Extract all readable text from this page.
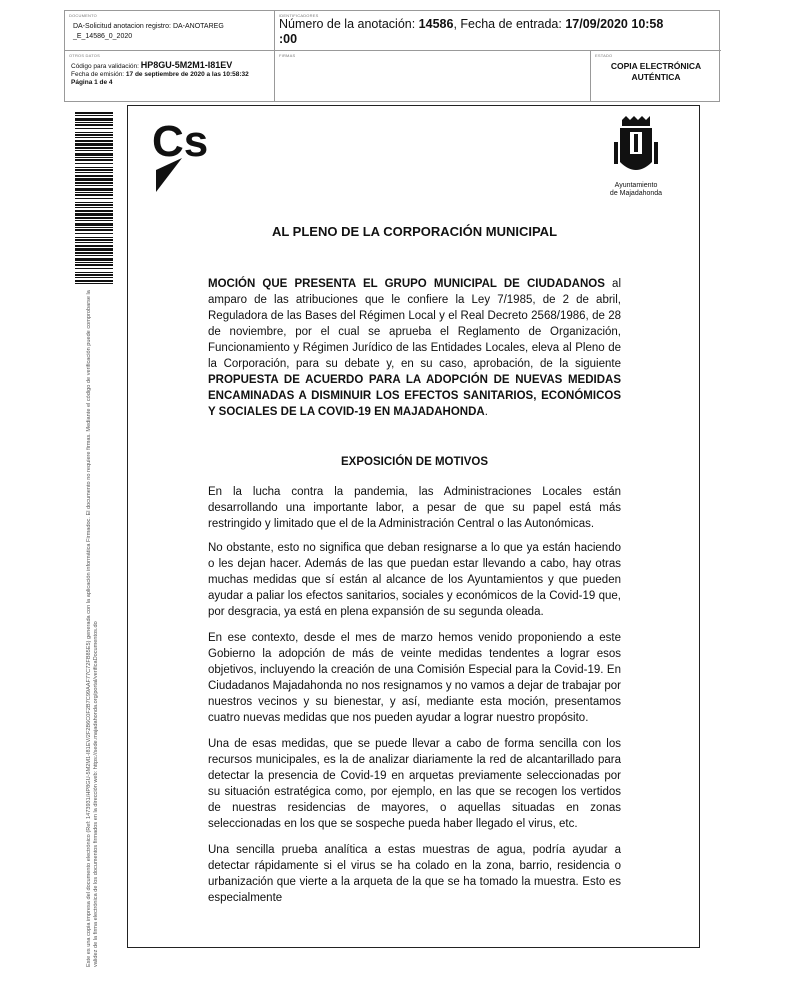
DOCUMENTO
DA-Solicitud anotacion registro: DA-ANOTAREG
_E_14586_0_2020
IDENTIFICADORES
Número de la anotación: 14586, Fecha de entrada: 17/09/2020 10:58
:00
OTROS DATOS
Código para validación: HP8GU-5M2M1-I81EV
Fecha de emisión: 17 de septiembre de 2020 a las 10:58:32
Página 1 de 4
FIRMAS	ESTADO
COPIA ELECTRÓNICA
AUTÉNTICA
Este es una copia impresa del documento electrónico (Ref: 1473931/HP8GU-5M2M1-I81EV/2F2B6C0F2B7C99AAF77C72FB85E5) generada con la aplicación informática Firmadoc. El documento no requiere firmas. Mediante el código de verificación puede comprobarse la validez de la firma electrónica de los documentos firmados en la dirección web: https://sede.majadahonda.org/portal/verificaDocumentos.do
Cs
Ayuntamiento
de Majadahonda
AL PLENO DE LA CORPORACIÓN MUNICIPAL

MOCIÓN QUE PRESENTA EL GRUPO MUNICIPAL DE CIUDADANOS al amparo de las atribuciones que le confiere la Ley 7/1985, de 2 de abril, Reguladora de las Bases del Régimen Local y el Real Decreto 2568/1986, de 28 de noviembre, por el cual se aprueba el Reglamento de Organización, Funcionamiento y Régimen Jurídico de las Entidades Locales, eleva al Pleno de la Corporación, para su debate y, en su caso, aprobación, de la siguiente PROPUESTA DE ACUERDO PARA LA ADOPCIÓN DE NUEVAS MEDIDAS ENCAMINADAS A DISMINUIR LOS EFECTOS SANITARIOS, ECONÓMICOS Y SOCIALES DE LA COVID-19 EN MAJADAHONDA.

EXPOSICIÓN DE MOTIVOS

En la lucha contra la pandemia, las Administraciones Locales están desarrollando una importante labor, a pesar de que su papel está más restringido y limitado que el de la Administración Central o las Autonómicas.

No obstante, esto no significa que deban resignarse a lo que ya están haciendo o les dejan hacer. Además de las que puedan estar llevando a cabo, hay otras muchas medidas que sí están al alcance de los Ayuntamientos y que pueden ayudar a paliar los efectos sanitarios, sociales y económicos de la Covid-19 que, por desgracia, ya está en plena expansión de su segunda oleada.

En ese contexto, desde el mes de marzo hemos venido proponiendo a este Gobierno la adopción de más de veinte medidas tendentes a lograr esos objetivos, incluyendo la creación de una Comisión Especial para la Covid-19. En Ciudadanos Majadahonda no nos resignamos y no vamos a dejar de trabajar por nuestros vecinos y su bienestar, y así, mediante esta moción, presentamos cuatro nuevas medidas que nos pueden ayudar a lograr nuestro propósito.

Una de esas medidas, que se puede llevar a cabo de forma sencilla con los recursos municipales, es la de analizar diariamente la red de alcantarillado para detectar la presencia de Covid-19 en arquetas previamente seleccionadas por su situación estratégica como, por ejemplo, en las que se recogen los vertidos de nuestras residencias de mayores, o aquellas situadas en zonas seleccionadas en los que se sospeche pueda haber llegado el virus, etc.

Una sencilla prueba analítica a estas muestras de agua, podría ayudar a detectar rápidamente si el virus se ha colado en la zona, barrio, residencia o urbanización que vierte a la arqueta de la que se ha tomado la muestra. Esto es especialmente
